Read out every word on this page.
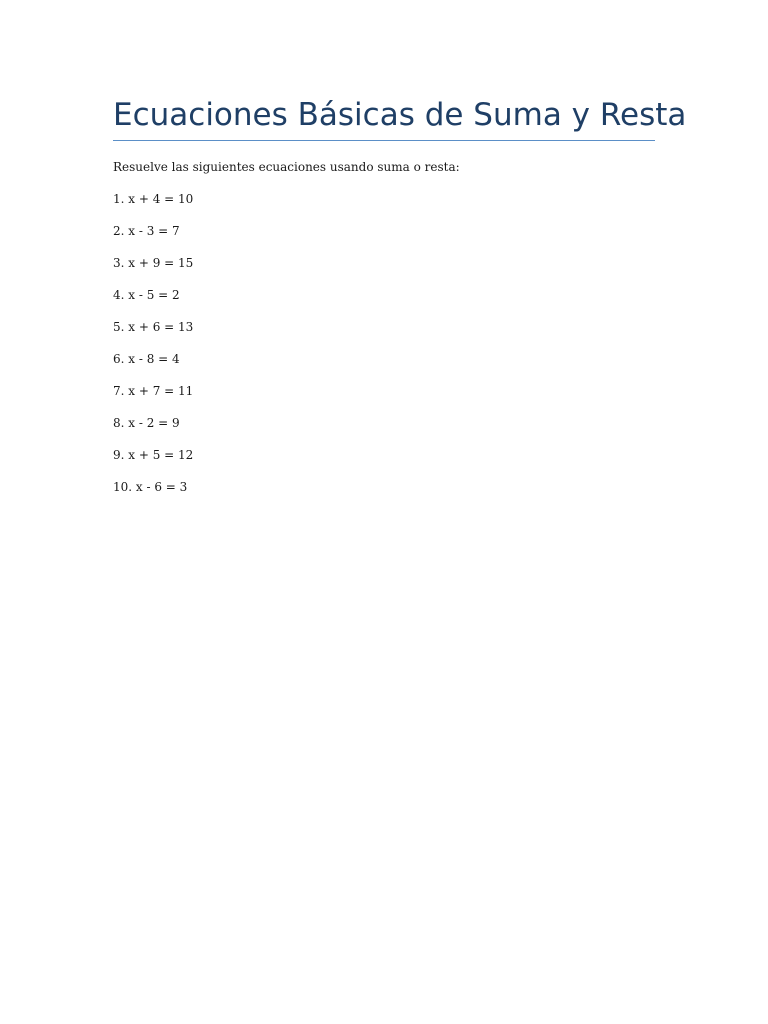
Ecuaciones Básicas de Suma y Resta

Resuelve las siguientes ecuaciones usando suma o resta:

1. x + 4 = 10
2. x - 3 = 7
3. x + 9 = 15
4. x - 5 = 2
5. x + 6 = 13
6. x - 8 = 4
7. x + 7 = 11
8. x - 2 = 9
9. x + 5 = 12
10. x - 6 = 3
